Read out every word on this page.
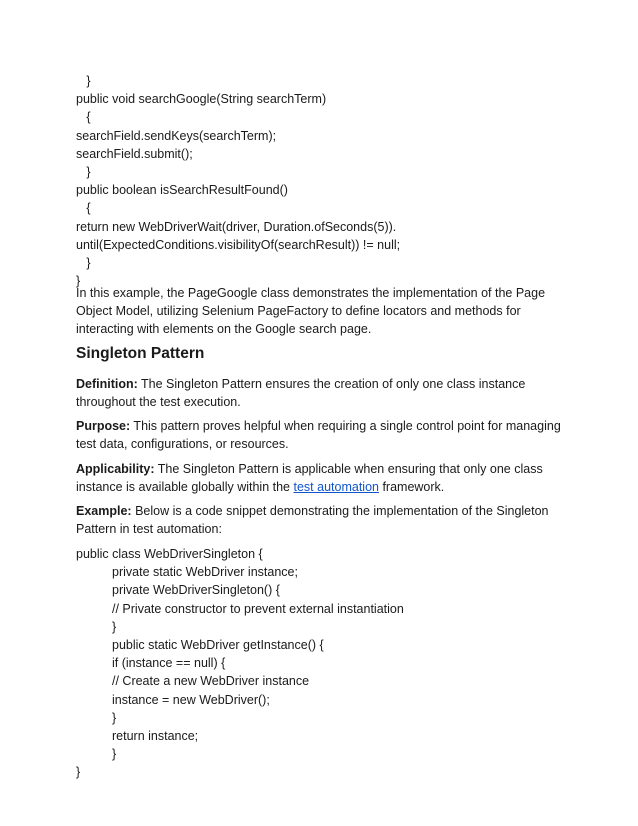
}
public void searchGoogle(String searchTerm)
{
searchField.sendKeys(searchTerm);
searchField.submit();
}
public boolean isSearchResultFound()
{
return new WebDriverWait(driver, Duration.ofSeconds(5)).
until(ExpectedConditions.visibilityOf(searchResult)) != null;
}
}

In this example, the PageGoogle class demonstrates the implementation of the Page Object Model, utilizing Selenium PageFactory to define locators and methods for interacting with elements on the Google search page.

Singleton Pattern

Definition: The Singleton Pattern ensures the creation of only one class instance throughout the test execution.

Purpose: This pattern proves helpful when requiring a single control point for managing test data, configurations, or resources.

Applicability: The Singleton Pattern is applicable when ensuring that only one class instance is available globally within the test automation framework.

Example: Below is a code snippet demonstrating the implementation of the Singleton Pattern in test automation:

public class WebDriverSingleton {
private static WebDriver instance;
private WebDriverSingleton() {
// Private constructor to prevent external instantiation
}
public static WebDriver getInstance() {
if (instance == null) {
// Create a new WebDriver instance
instance = new WebDriver();
}
return instance;
}
}
